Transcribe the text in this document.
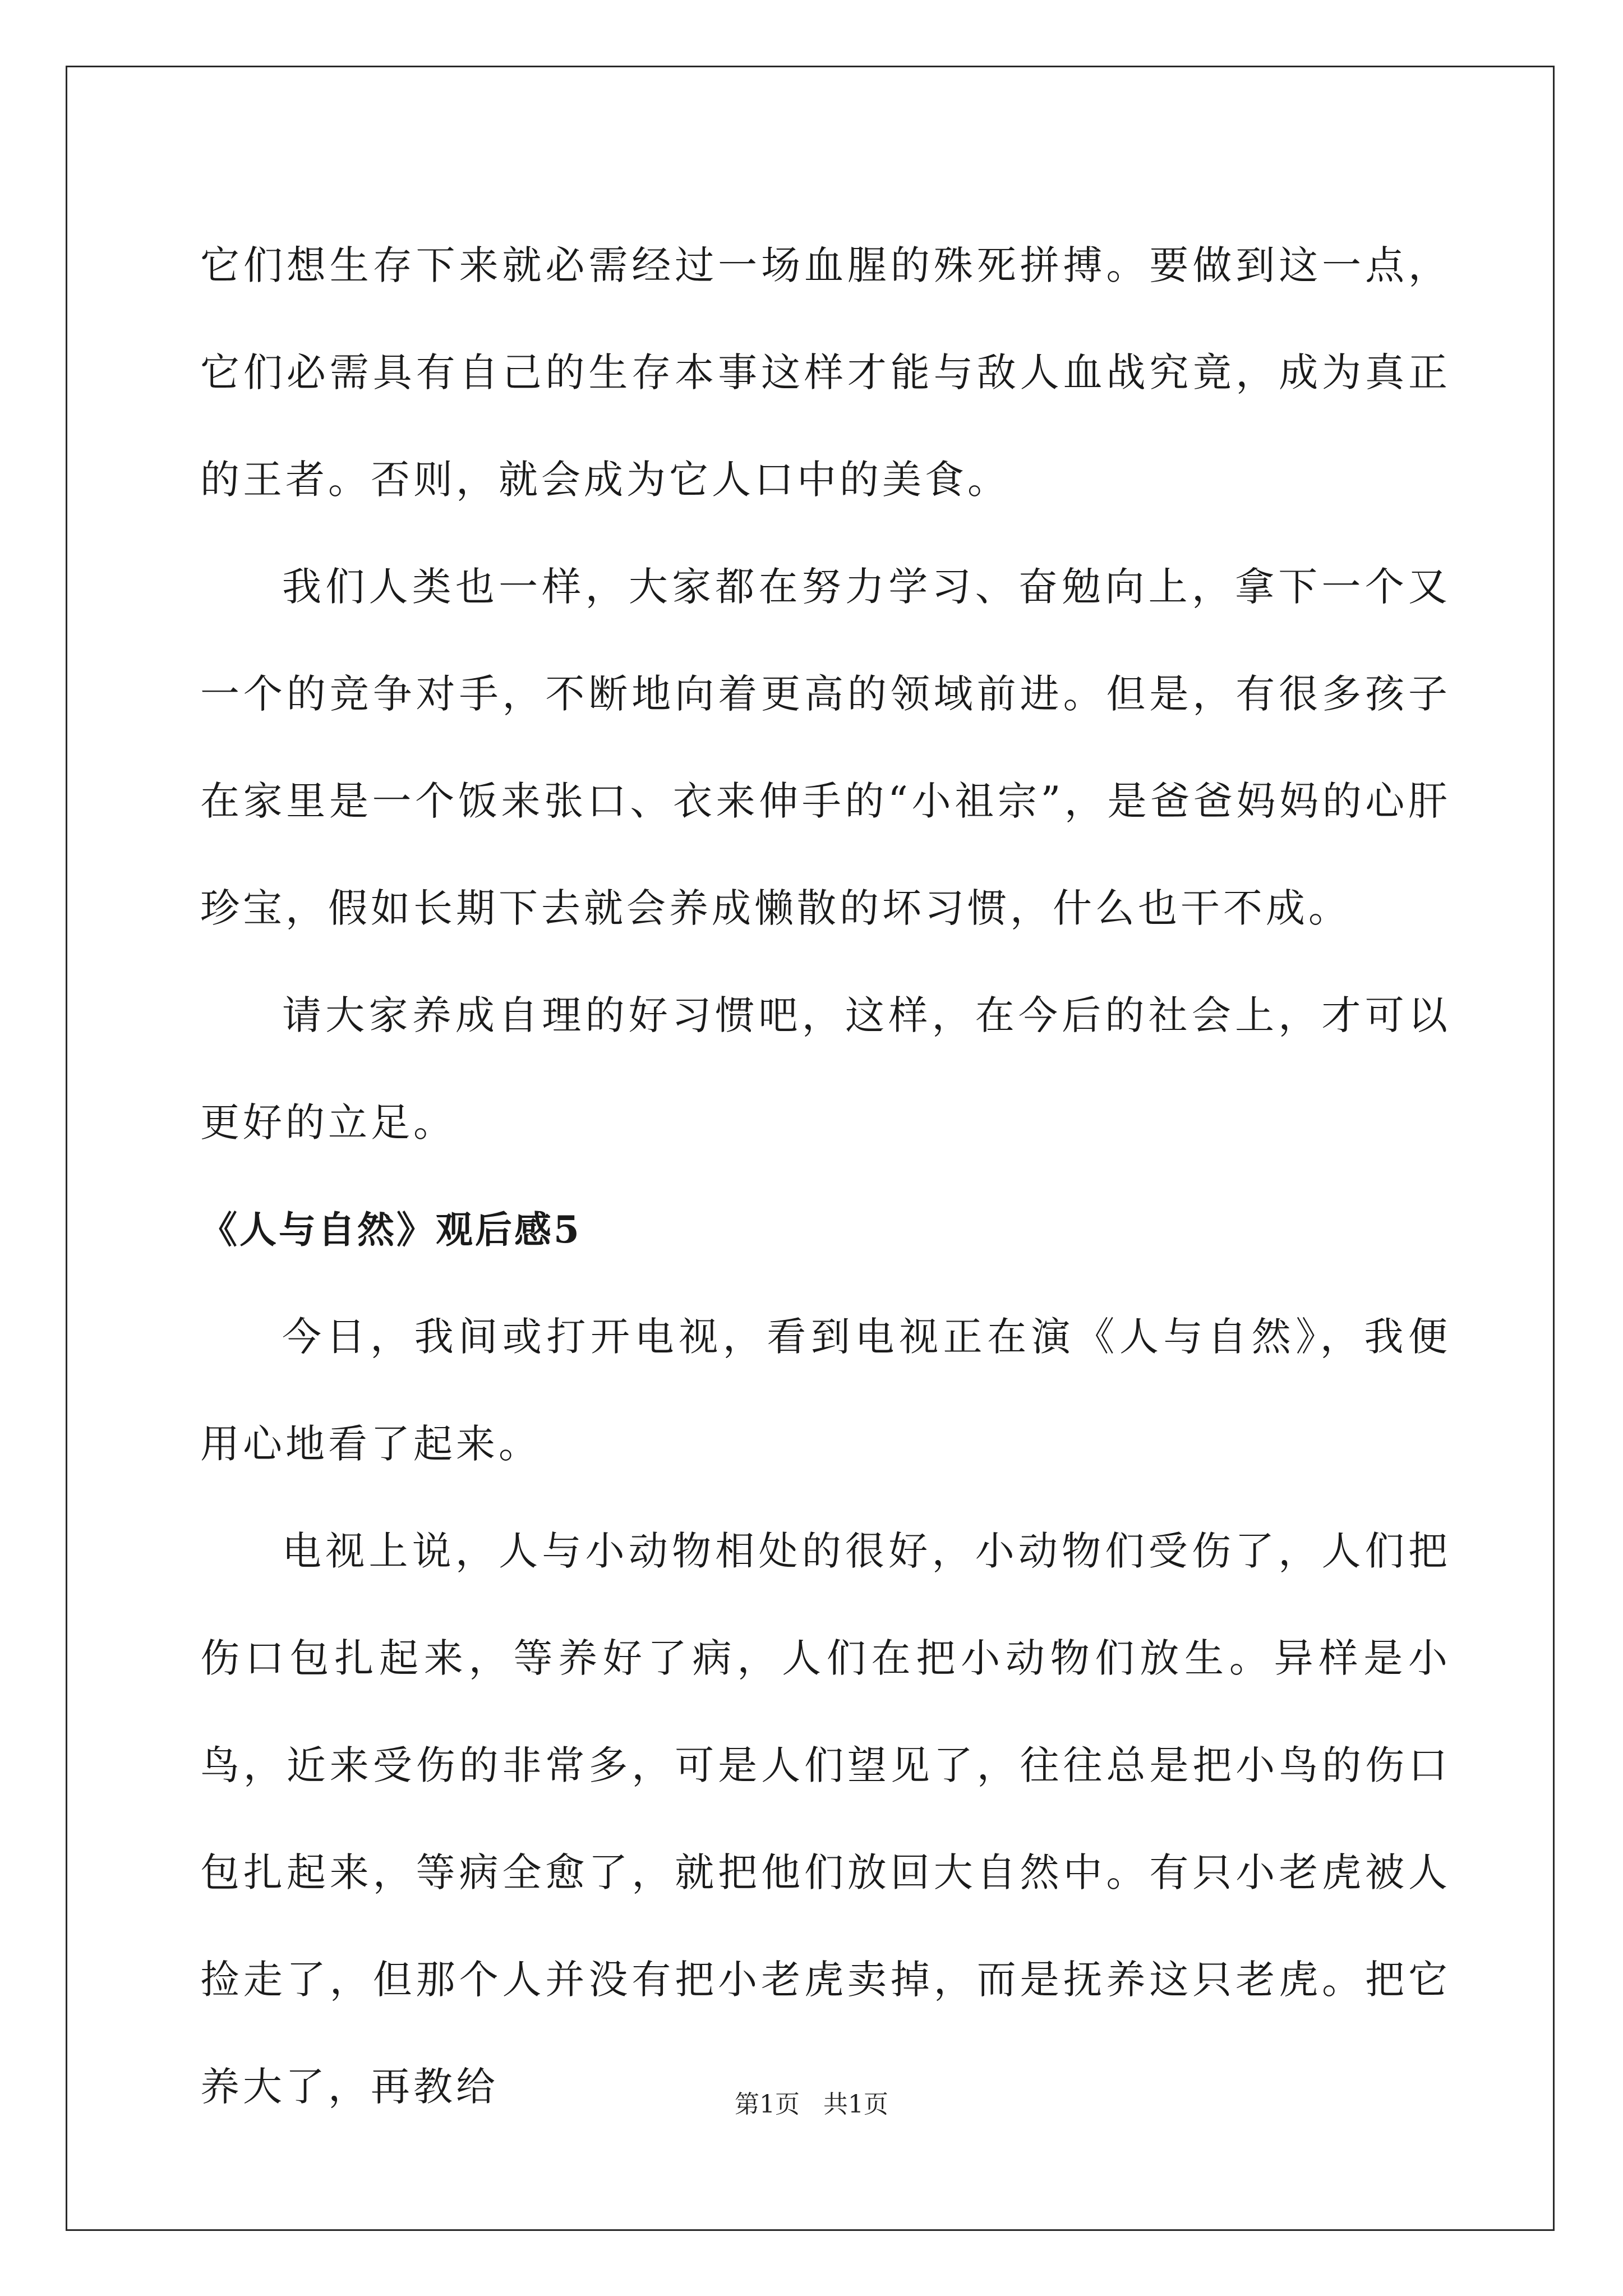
它们想生存下来就必需经过一场血腥的殊死拼搏。要做到这一点，它们必需具有自己的生存本事这样才能与敌人血战究竟，成为真正的王者。否则，就会成为它人口中的美食。

我们人类也一样，大家都在努力学习、奋勉向上，拿下一个又一个的竞争对手，不断地向着更高的领域前进。但是，有很多孩子在家里是一个饭来张口、衣来伸手的“小祖宗”，是爸爸妈妈的心肝珍宝，假如长期下去就会养成懒散的坏习惯，什么也干不成。

请大家养成自理的好习惯吧，这样，在今后的社会上，才可以更好的立足。

《人与自然》观后感5

今日，我间或打开电视，看到电视正在演《人与自然》，我便用心地看了起来。

电视上说，人与小动物相处的很好，小动物们受伤了，人们把伤口包扎起来，等养好了病，人们在把小动物们放生。异样是小鸟，近来受伤的非常多，可是人们望见了，往往总是把小鸟的伤口包扎起来，等病全愈了，就把他们放回大自然中。有只小老虎被人捡走了，但那个人并没有把小老虎卖掉，而是抚养这只老虎。把它养大了，再教给	第1页 共1页
